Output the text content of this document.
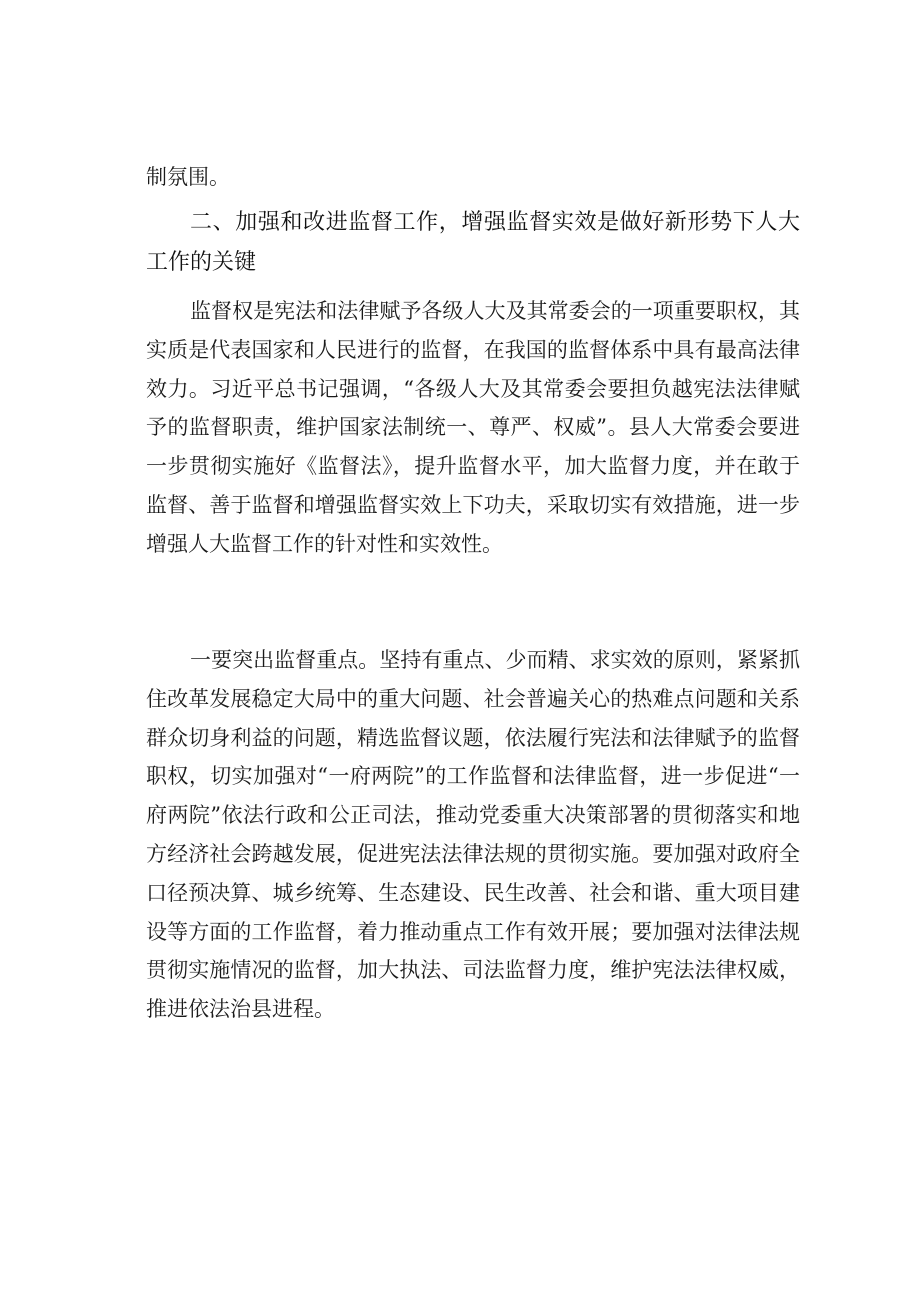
制氛围。
二、加强和改进监督工作，增强监督实效是做好新形势下人大工作的关键

监督权是宪法和法律赋予各级人大及其常委会的一项重要职权，其实质是代表国家和人民进行的监督，在我国的监督体系中具有最高法律效力。习近平总书记强调，“各级人大及其常委会要担负越宪法法律赋予的监督职责，维护国家法制统一、尊严、权威”。县人大常委会要进一步贯彻实施好《监督法》，提升监督水平，加大监督力度，并在敢于监督、善于监督和增强监督实效上下功夫，采取切实有效措施，进一步增强人大监督工作的针对性和实效性。

一要突出监督重点。坚持有重点、少而精、求实效的原则，紧紧抓住改革发展稳定大局中的重大问题、社会普遍关心的热难点问题和关系群众切身利益的问题，精选监督议题，依法履行宪法和法律赋予的监督职权，切实加强对“一府两院”的工作监督和法律监督，进一步促进“一府两院”依法行政和公正司法，推动党委重大决策部署的贯彻落实和地方经济社会跨越发展，促进宪法法律法规的贯彻实施。要加强对政府全口径预决算、城乡统筹、生态建设、民生改善、社会和谐、重大项目建设等方面的工作监督，着力推动重点工作有效开展；要加强对法律法规贯彻实施情况的监督，加大执法、司法监督力度，维护宪法法律权威，推进依法治县进程。
